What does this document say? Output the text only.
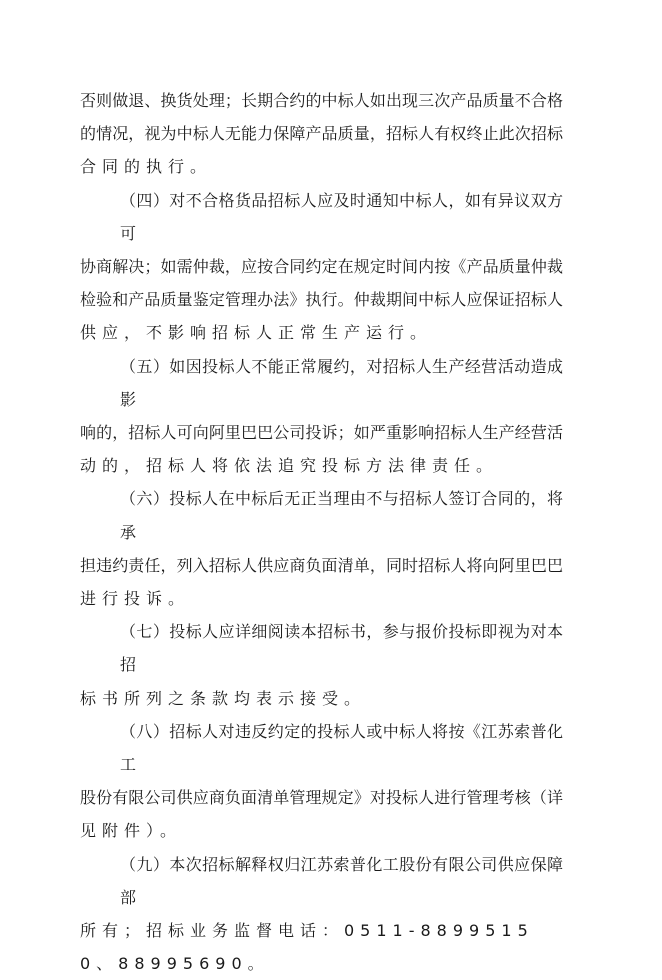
否则做退、换货处理；长期合约的中标人如出现三次产品质量不合格
的情况，视为中标人无能力保障产品质量，招标人有权终止此次招标
合同的执行。
（四）对不合格货品招标人应及时通知中标人，如有异议双方可
协商解决；如需仲裁，应按合同约定在规定时间内按《产品质量仲裁
检验和产品质量鉴定管理办法》执行。仲裁期间中标人应保证招标人
供应，不影响招标人正常生产运行。
（五）如因投标人不能正常履约，对招标人生产经营活动造成影
响的，招标人可向阿里巴巴公司投诉；如严重影响招标人生产经营活
动的，招标人将依法追究投标方法律责任。
（六）投标人在中标后无正当理由不与招标人签订合同的，将承
担违约责任，列入招标人供应商负面清单，同时招标人将向阿里巴巴
进行投诉。
（七）投标人应详细阅读本招标书，参与报价投标即视为对本招
标书所列之条款均表示接受。
（八）招标人对违反约定的投标人或中标人将按《江苏索普化工
股份有限公司供应商负面清单管理规定》对投标人进行管理考核（详
见附件）。
（九）本次招标解释权归江苏索普化工股份有限公司供应保障部
所有；招标业务监督电话：0511-88995150、88995690。
